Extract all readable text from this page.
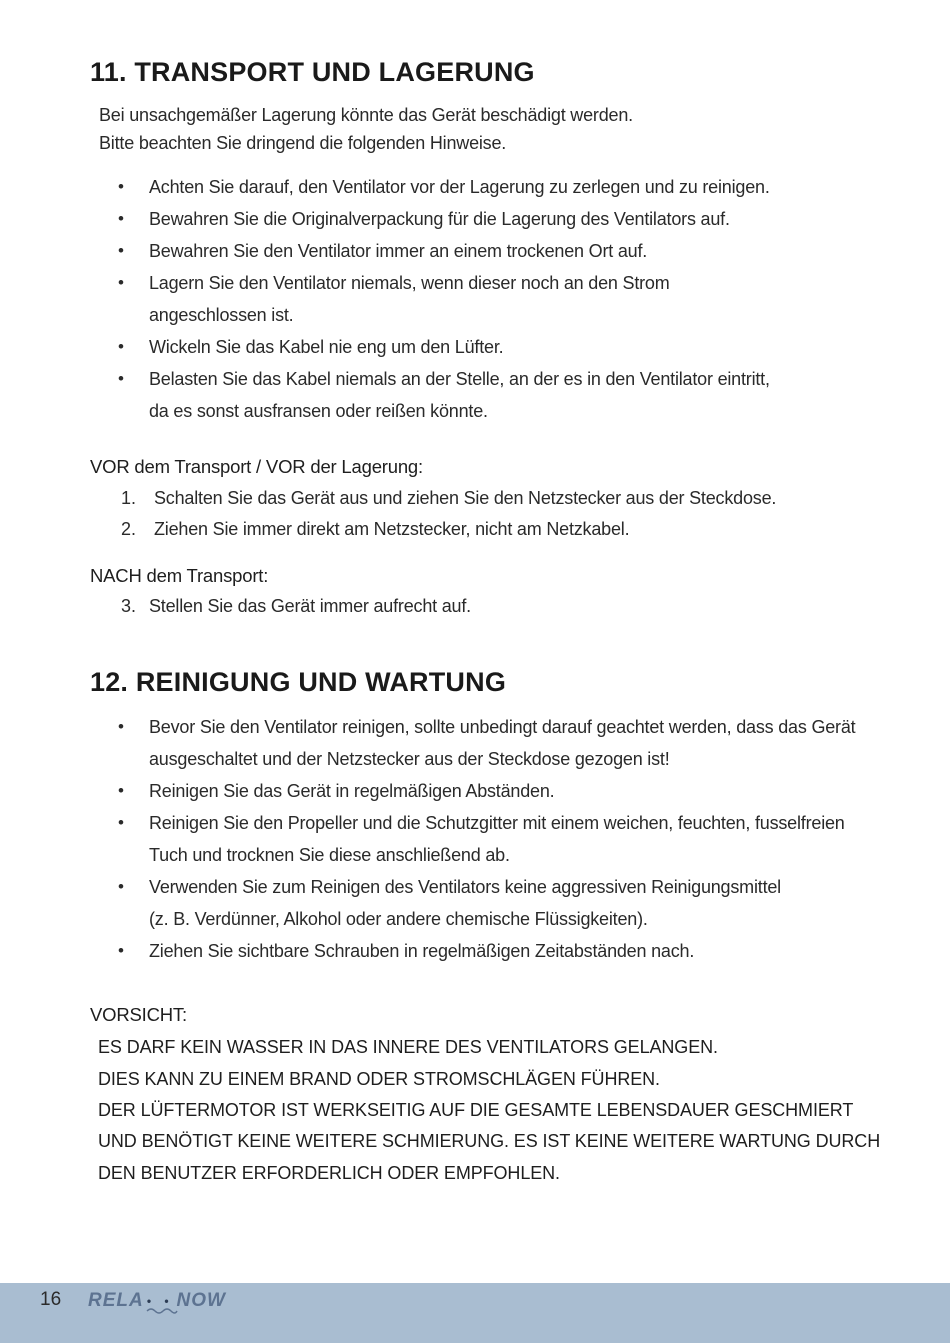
11. TRANSPORT UND LAGERUNG
Bei unsachgemäßer Lagerung könnte das Gerät beschädigt werden.
Bitte beachten Sie dringend die folgenden Hinweise.
• Achten Sie darauf, den Ventilator vor der Lagerung zu zerlegen und zu reinigen.
• Bewahren Sie die Originalverpackung für die Lagerung des Ventilators auf.
• Bewahren Sie den Ventilator immer an einem trockenen Ort auf.
• Lagern Sie den Ventilator niemals, wenn dieser noch an den Strom
angeschlossen ist.
• Wickeln Sie das Kabel nie eng um den Lüfter.
• Belasten Sie das Kabel niemals an der Stelle, an der es in den Ventilator eintritt,
da es sonst ausfransen oder reißen könnte.
VOR dem Transport / VOR der Lagerung:
1. Schalten Sie das Gerät aus und ziehen Sie den Netzstecker aus der Steckdose.
2. Ziehen Sie immer direkt am Netzstecker, nicht am Netzkabel.
NACH dem Transport:
3. Stellen Sie das Gerät immer aufrecht auf.
12. REINIGUNG UND WARTUNG
• Bevor Sie den Ventilator reinigen, sollte unbedingt darauf geachtet werden, dass das Gerät
ausgeschaltet und der Netzstecker aus der Steckdose gezogen ist!
• Reinigen Sie das Gerät in regelmäßigen Abständen.
• Reinigen Sie den Propeller und die Schutzgitter mit einem weichen, feuchten, fusselfreien
Tuch und trocknen Sie diese anschließend ab.
• Verwenden Sie zum Reinigen des Ventilators keine aggressiven Reinigungsmittel
(z. B. Verdünner, Alkohol oder andere chemische Flüssigkeiten).
• Ziehen Sie sichtbare Schrauben in regelmäßigen Zeitabständen nach.
VORSICHT:
ES DARF KEIN WASSER IN DAS INNERE DES VENTILATORS GELANGEN.
DIES KANN ZU EINEM BRAND ODER STROMSCHLÄGEN FÜHREN.
DER LÜFTERMOTOR IST WERKSEITIG AUF DIE GESAMTE LEBENSDAUER GESCHMIERT
UND BENÖTIGT KEINE WEITERE SCHMIERUNG. ES IST KEINE WEITERE WARTUNG DURCH
DEN BENUTZER ERFORDERLICH ODER EMPFOHLEN.
16 RELA • • NOW
